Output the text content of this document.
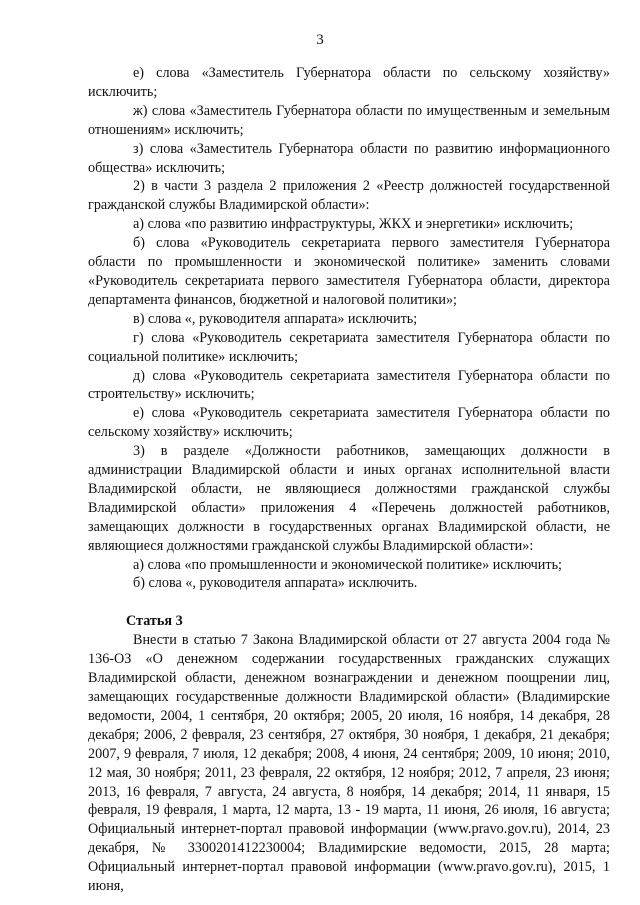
3

е) слова «Заместитель Губернатора области по сельскому хозяйству» исключить;

ж) слова «Заместитель Губернатора области по имущественным и земельным отношениям» исключить;

з) слова «Заместитель Губернатора области по развитию информационного общества» исключить;

2) в части 3 раздела 2 приложения 2 «Реестр должностей государственной гражданской службы Владимирской области»:

а) слова «по развитию инфраструктуры, ЖКХ и энергетики» исключить;

б) слова «Руководитель секретариата первого заместителя Губернатора области по промышленности и экономической политике» заменить словами «Руководитель секретариата первого заместителя Губернатора области, директора департамента финансов, бюджетной и налоговой политики»;

в) слова «, руководителя аппарата» исключить;

г) слова «Руководитель секретариата заместителя Губернатора области по социальной политике» исключить;

д) слова «Руководитель секретариата заместителя Губернатора области по строительству» исключить;

е) слова «Руководитель секретариата заместителя Губернатора области по сельскому хозяйству» исключить;

3) в разделе «Должности работников, замещающих должности в администрации Владимирской области и иных органах исполнительной власти Владимирской области, не являющиеся должностями гражданской службы Владимирской области» приложения 4 «Перечень должностей работников, замещающих должности в государственных органах Владимирской области, не являющиеся должностями гражданской службы Владимирской области»:

а) слова «по промышленности и экономической политике» исключить;

б) слова «, руководителя аппарата» исключить.

Статья 3

Внести в статью 7 Закона Владимирской области от 27 августа 2004 года № 136-ОЗ «О денежном содержании государственных гражданских служащих Владимирской области, денежном вознаграждении и денежном поощрении лиц, замещающих государственные должности Владимирской области» (Владимирские ведомости, 2004, 1 сентября, 20 октября; 2005, 20 июля, 16 ноября, 14 декабря, 28 декабря; 2006, 2 февраля, 23 сентября, 27 октября, 30 ноября, 1 декабря, 21 декабря; 2007, 9 февраля, 7 июля, 12 декабря; 2008, 4 июня, 24 сентября; 2009, 10 июня; 2010, 12 мая, 30 ноября; 2011, 23 февраля, 22 октября, 12 ноября; 2012, 7 апреля, 23 июня; 2013, 16 февраля, 7 августа, 24 августа, 8 ноября, 14 декабря; 2014, 11 января, 15 февраля, 19 февраля, 1 марта, 12 марта, 13 - 19 марта, 11 июня, 26 июля, 16 августа; Официальный интернет-портал правовой информации (www.pravo.gov.ru), 2014, 23 декабря, № 3300201412230004; Владимирские ведомости, 2015, 28 марта; Официальный интернет-портал правовой информации (www.pravo.gov.ru), 2015, 1 июня,
